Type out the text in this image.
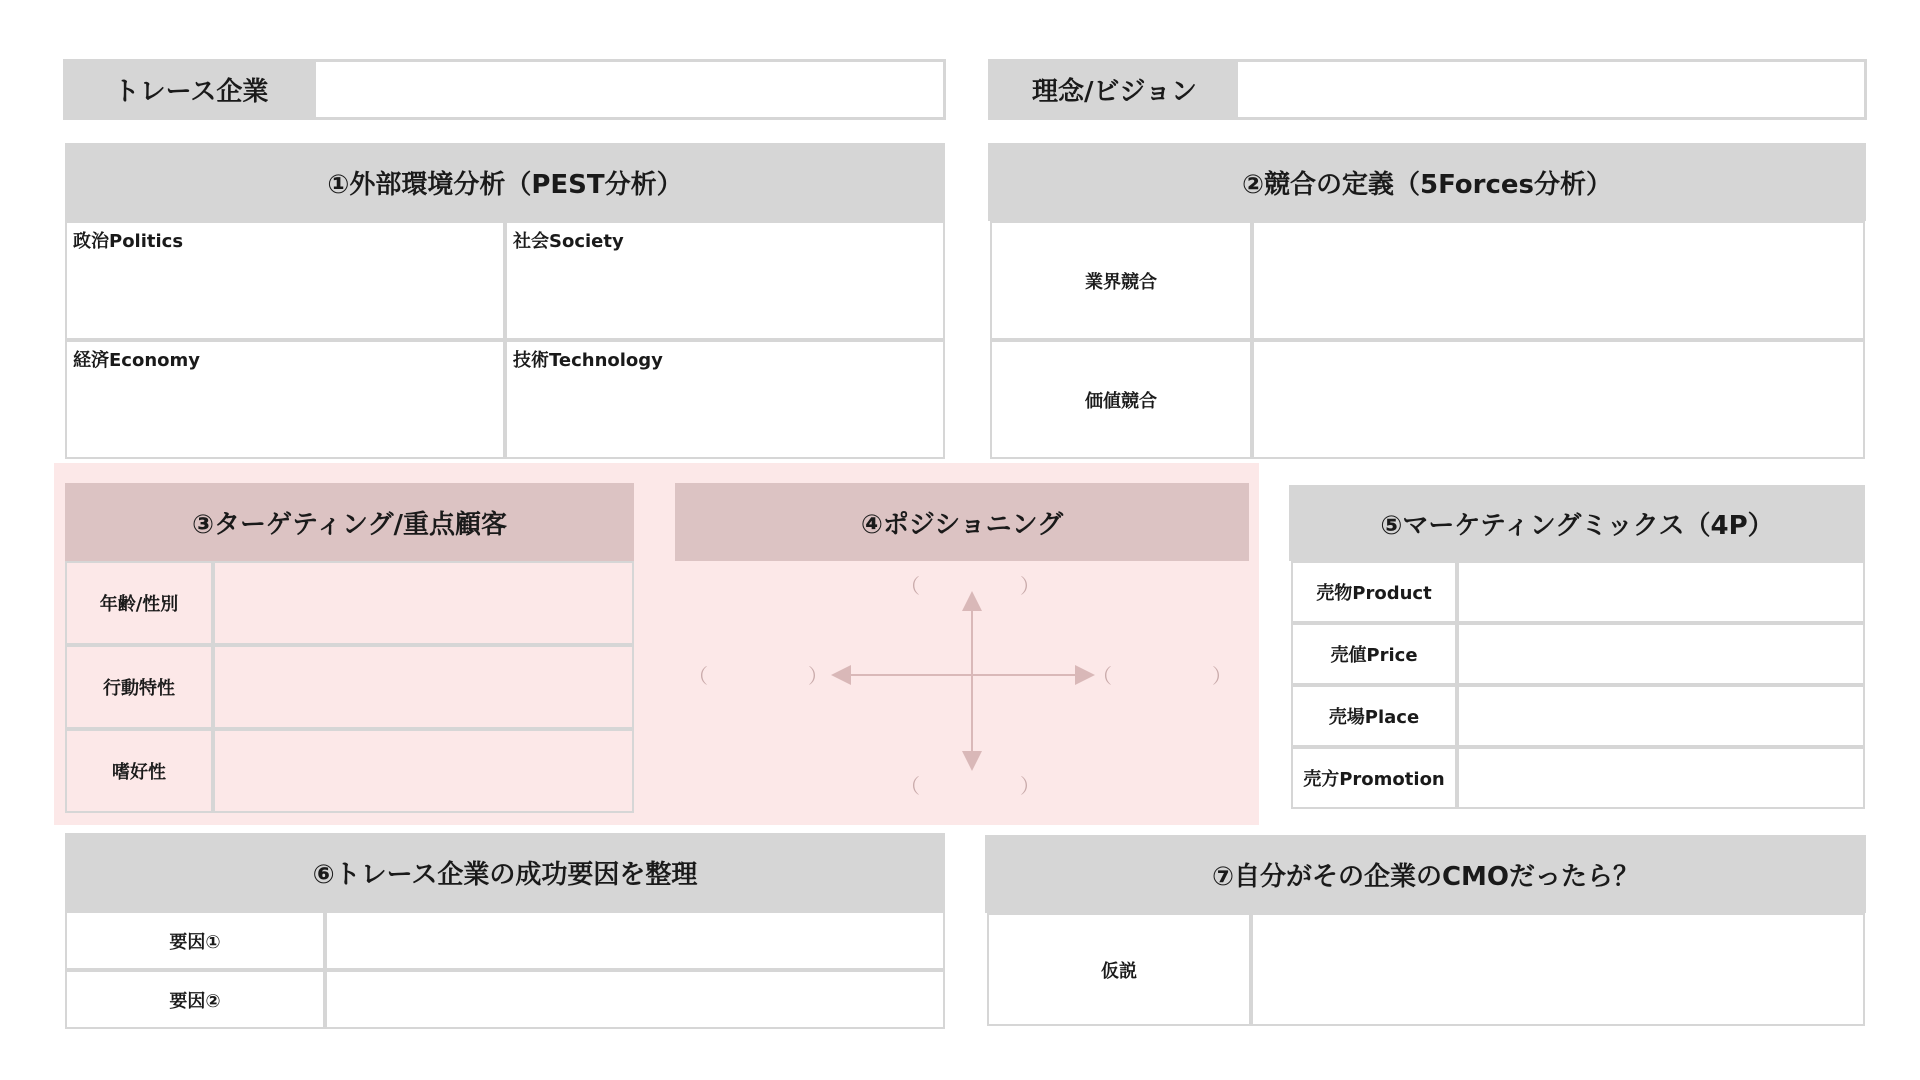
トレース企業	理念/ビジョン
①外部環境分析（PEST分析）
政治Politics	社会Society
経済Economy	技術Technology
②競合の定義（5Forces分析）
業界競合
価値競合
③ターゲティング/重点顧客
年齢/性別
行動特性
嗜好性
④ポジショニング
（　　　　　）
（　　　　　）
（　　　　　）	（　　　　　）
⑤マーケティングミックス（4P）
売物Product
売値Price
売場Place
売方Promotion
⑥トレース企業の成功要因を整理
要因①
要因②
⑦自分がその企業のCMOだったら？
仮説
